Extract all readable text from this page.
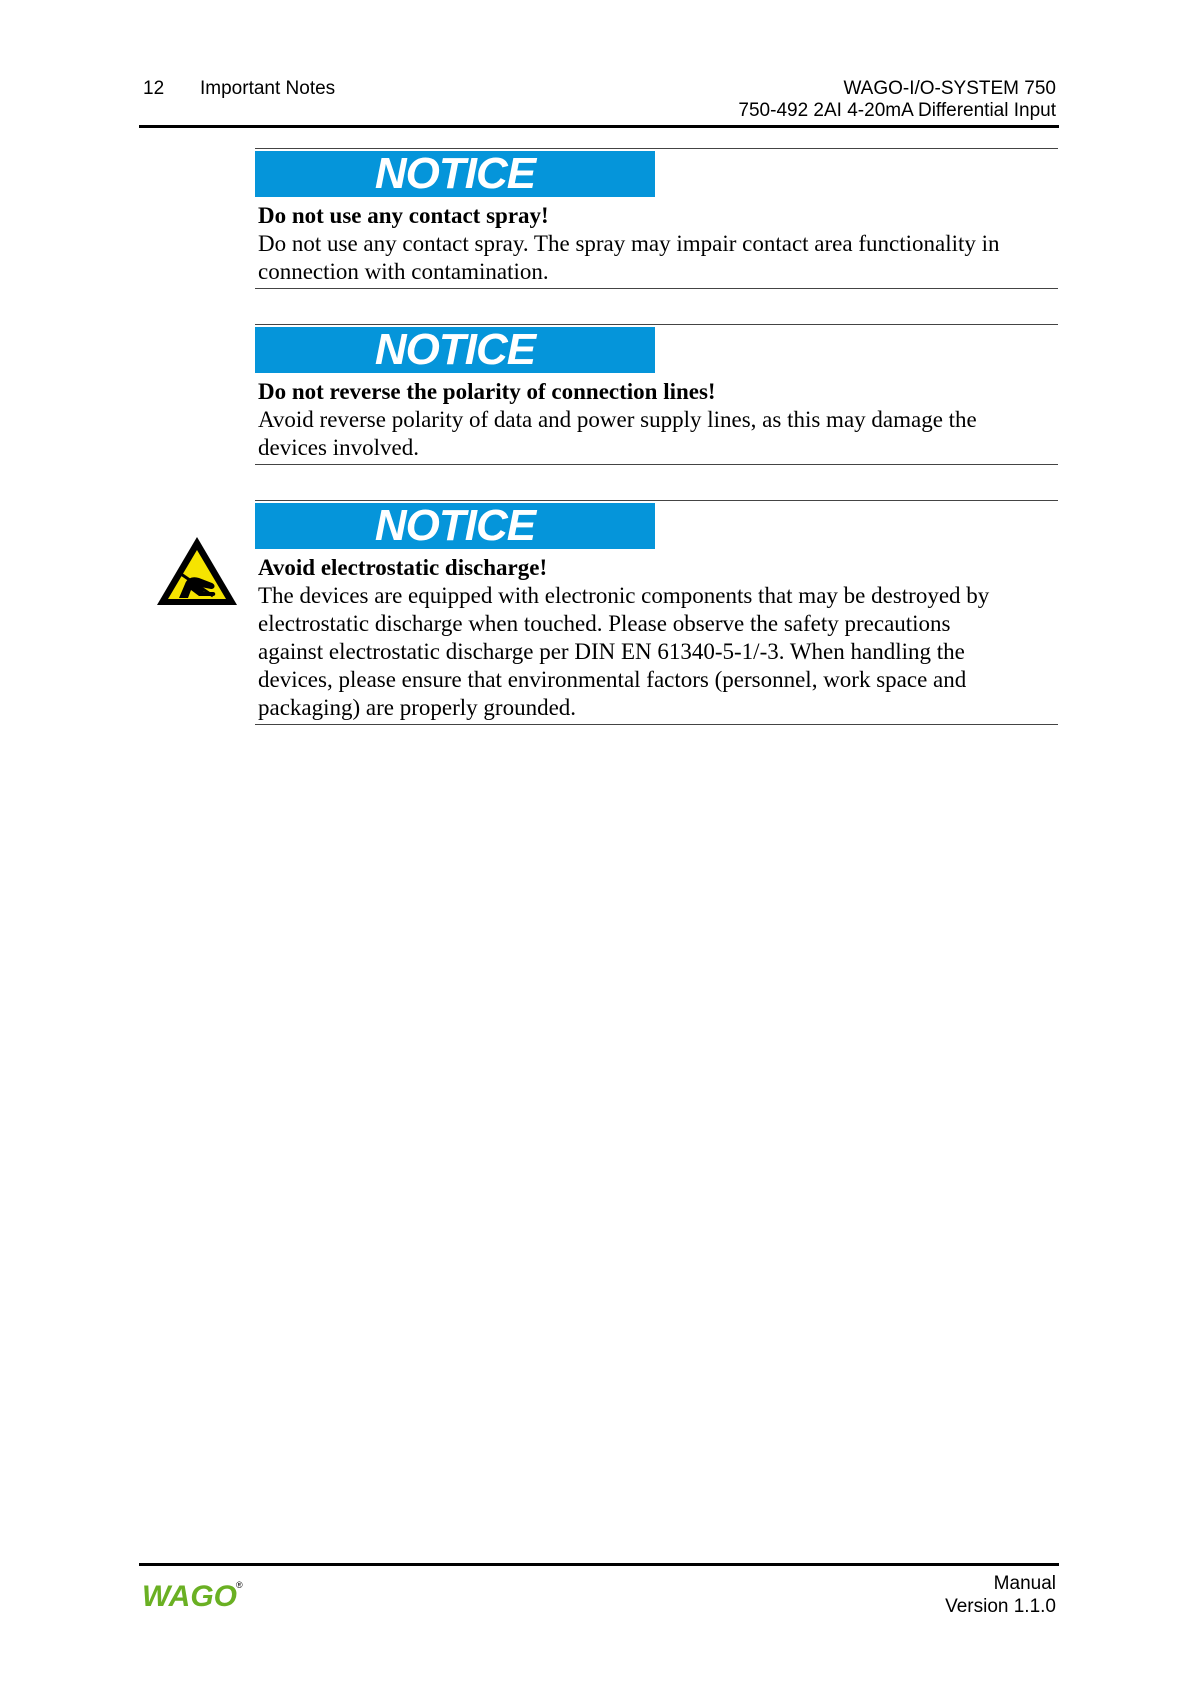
12 Important Notes	WAGO-I/O-SYSTEM 750
750-492 2AI 4-20mA Differential Input
NOTICE
Do not use any contact spray!
Do not use any contact spray. The spray may impair contact area functionality in
connection with contamination.
NOTICE
Do not reverse the polarity of connection lines!
Avoid reverse polarity of data and power supply lines, as this may damage the
devices involved.
NOTICE
Avoid electrostatic discharge!
The devices are equipped with electronic components that may be destroyed by
electrostatic discharge when touched. Please observe the safety precautions
against electrostatic discharge per DIN EN 61340-5-1/-3. When handling the
devices, please ensure that environmental factors (personnel, work space and
packaging) are properly grounded.
WAGO ®	Manual
Version 1.1.0
